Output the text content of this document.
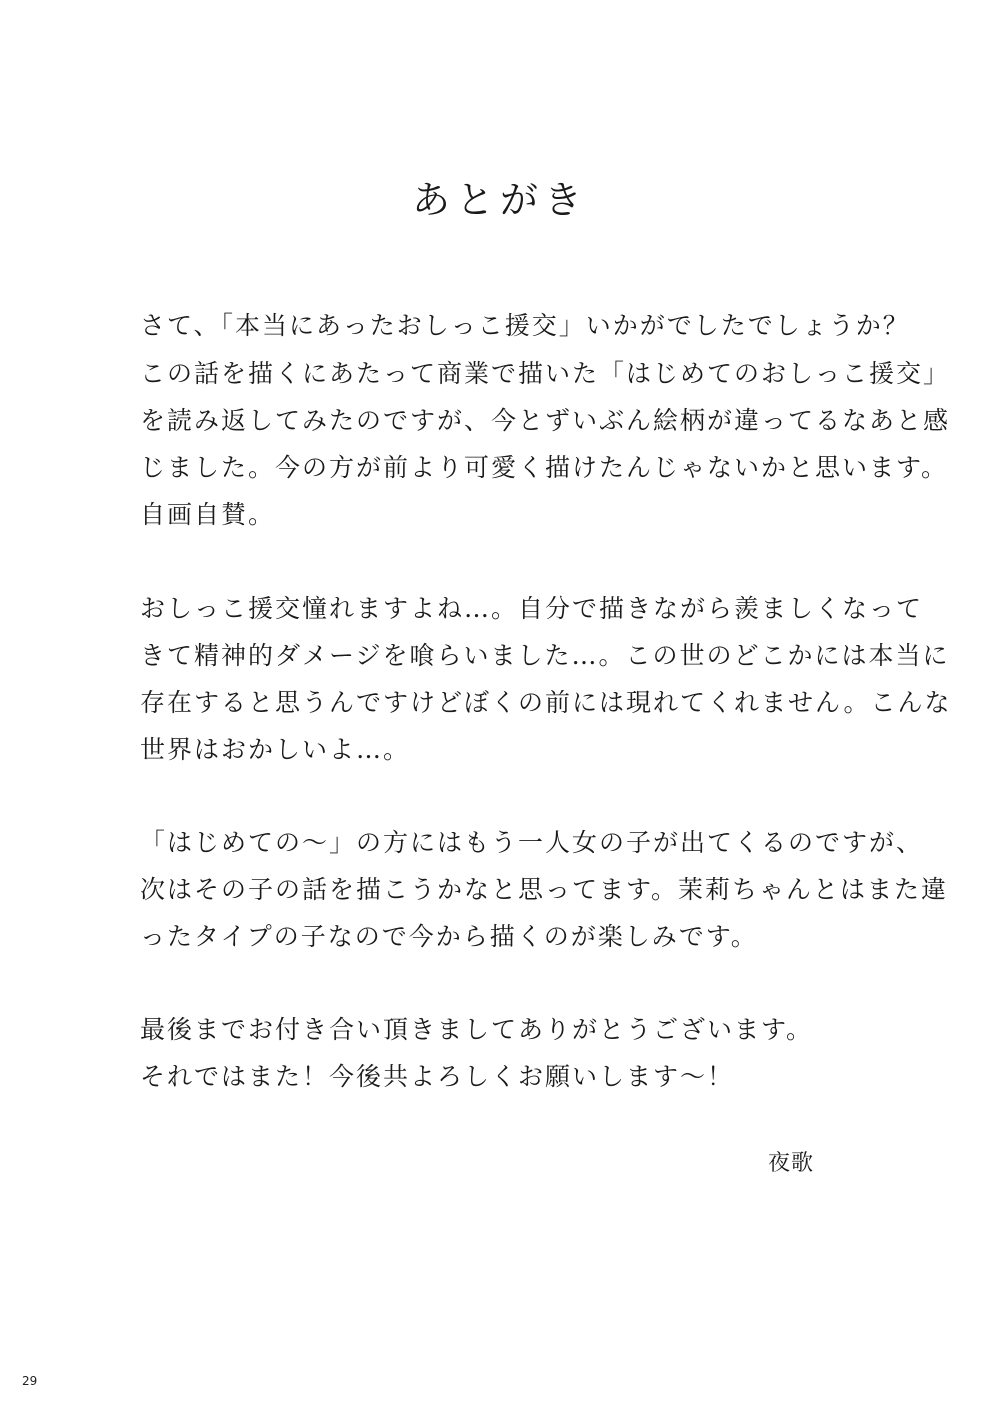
あとがき
さて、「本当にあったおしっこ援交」いかがでしたでしょうか？
この話を描くにあたって商業で描いた「はじめてのおしっこ援交」
を読み返してみたのですが、今とずいぶん絵柄が違ってるなあと感
じました。今の方が前より可愛く描けたんじゃないかと思います。
自画自賛。
おしっこ援交憧れますよね…。自分で描きながら羨ましくなって
きて精神的ダメージを喰らいました…。この世のどこかには本当に
存在すると思うんですけどぼくの前には現れてくれません。こんな
世界はおかしいよ…。
「はじめての～」の方にはもう一人女の子が出てくるのですが、
次はその子の話を描こうかなと思ってます。茉莉ちゃんとはまた違
ったタイプの子なので今から描くのが楽しみです。
最後までお付き合い頂きましてありがとうございます。
それではまた！今後共よろしくお願いします～！
夜歌
29
